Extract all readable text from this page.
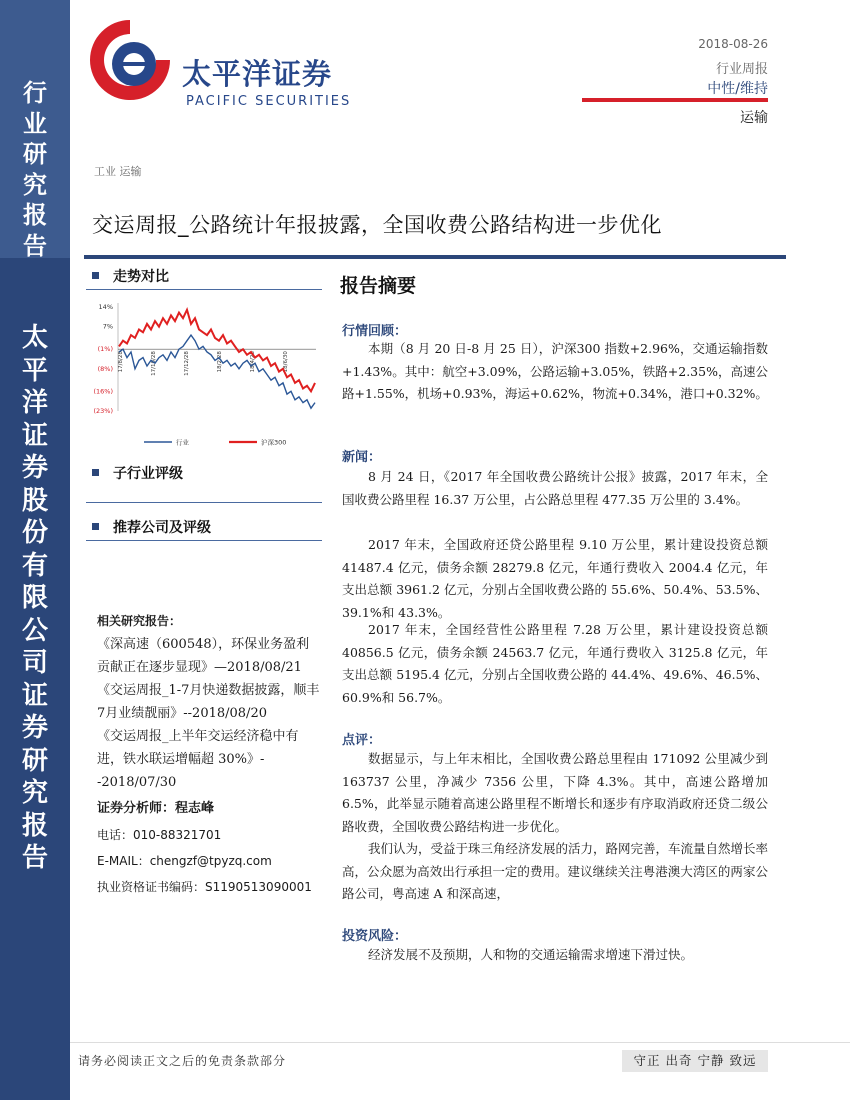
行
业
研
究
报
告
太
平
洋
证
券
股
份
有
限
公
司
证
券
研
究
报
告
太平洋证券
PACIFIC SECURITIES
2018-08-26
行业周报
中性/维持
运输
工业 运输
交运周报_公路统计年报披露，全国收费公路结构进一步优化
走势对比
14%
7%
(1%)
(8%)
(16%)
(23%)
17/8/28	17/10/28	17/12/28	18/2/28	18/4/28	18/6/30
行业	沪深300
子行业评级
推荐公司及评级
相关研究报告：
《深高速（600548），环保业务盈利贡献正在逐步显现》—2018/08/21
《交运周报_1-7月快递数据披露，顺丰7月业绩靓丽》--2018/08/20
《交运周报_上半年交运经济稳中有进，铁水联运增幅超 30%》--2018/07/30
证券分析师：程志峰
电话：010-88321701
E-MAIL：chengzf@tpyzq.com
执业资格证书编码：S1190513090001
报告摘要
行情回顾：
本期（8 月 20 日-8 月 25 日），沪深300 指数+2.96%，交通运输指数+1.43%。其中：航空+3.09%，公路运输+3.05%，铁路+2.35%，高速公路+1.55%，机场+0.93%，海运+0.62%，物流+0.34%，港口+0.32%。
新闻：
8 月 24 日，《2017 年全国收费公路统计公报》披露，2017 年末，全国收费公路里程 16.37 万公里，占公路总里程 477.35 万公里的 3.4%。
2017 年末，全国政府还贷公路里程 9.10 万公里，累计建设投资总额 41487.4 亿元，债务余额 28279.8 亿元，年通行费收入 2004.4 亿元，年支出总额 3961.2 亿元，分别占全国收费公路的 55.6%、50.4%、53.5%、39.1%和 43.3%。
2017 年末，全国经营性公路里程 7.28 万公里，累计建设投资总额 40856.5 亿元，债务余额 24563.7 亿元，年通行费收入 3125.8 亿元，年支出总额 5195.4 亿元，分别占全国收费公路的 44.4%、49.6%、46.5%、60.9%和 56.7%。
点评：
数据显示，与上年末相比，全国收费公路总里程由 171092 公里减少到 163737 公里，净减少 7356 公里，下降 4.3%。其中，高速公路增加 6.5%，此举显示随着高速公路里程不断增长和逐步有序取消政府还贷二级公路收费，全国收费公路结构进一步优化。
我们认为，受益于珠三角经济发展的活力，路网完善，车流量自然增长率高，公众愿为高效出行承担一定的费用。建议继续关注粤港澳大湾区的两家公路公司，粤高速 A 和深高速，
投资风险：
经济发展不及预期，人和物的交通运输需求增速下滑过快。
请务必阅读正文之后的免责条款部分	守正 出奇 宁静 致远
